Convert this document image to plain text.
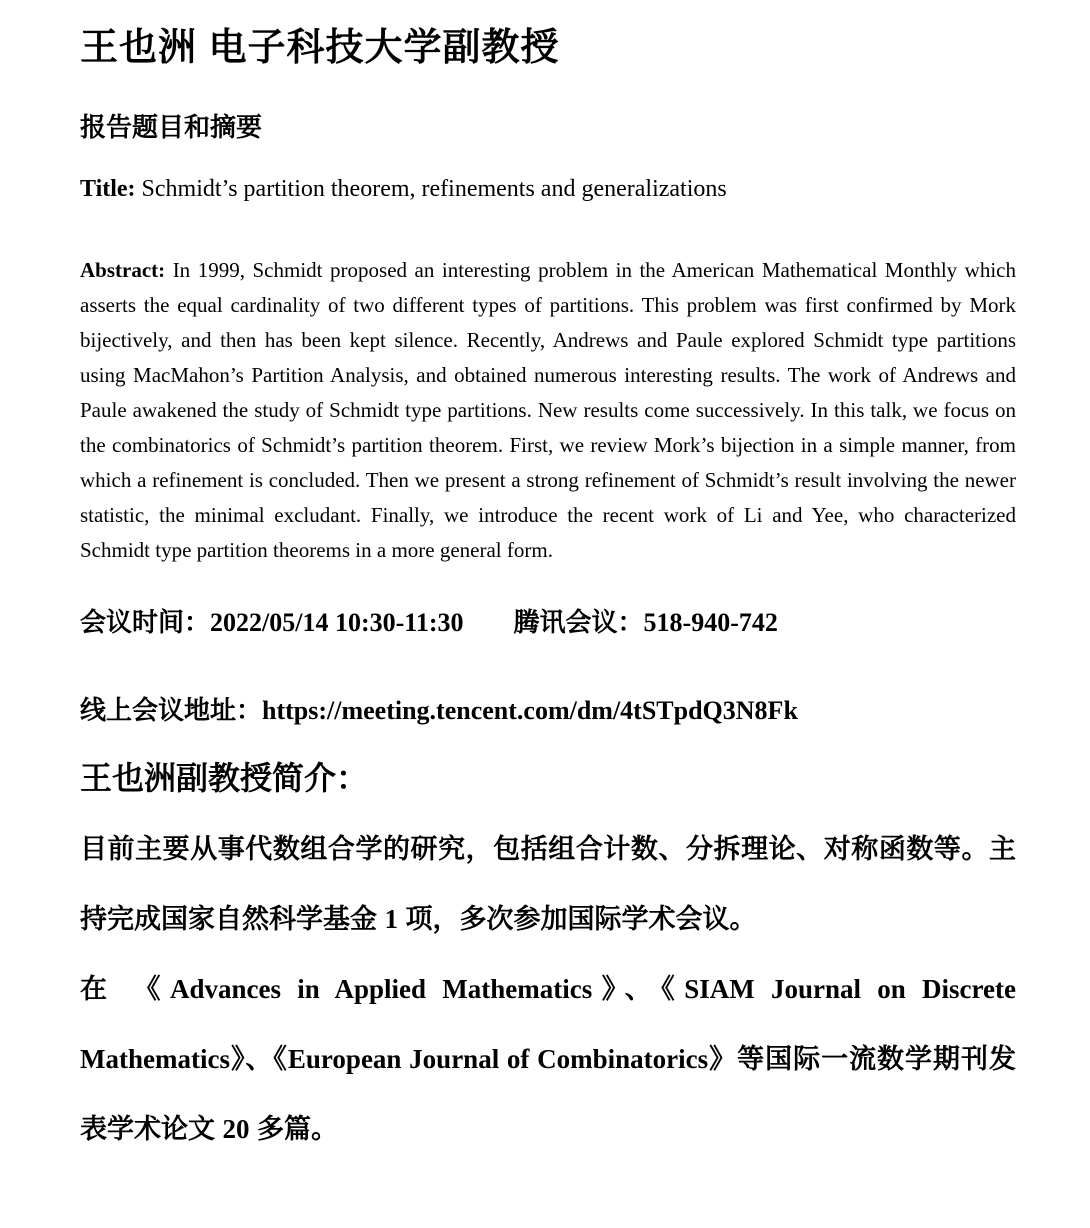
王也洲 电子科技大学副教授
报告题目和摘要

Title: Schmidt’s partition theorem, refinements and generalizations

Abstract: In 1999, Schmidt proposed an interesting problem in the American Mathematical Monthly which asserts the equal cardinality of two different types of partitions. This problem was first confirmed by Mork bijectively, and then has been kept silence. Recently, Andrews and Paule explored Schmidt type partitions using MacMahon’s Partition Analysis, and obtained numerous interesting results. The work of Andrews and Paule awakened the study of Schmidt type partitions. New results come successively. In this talk, we focus on the combinatorics of Schmidt’s partition theorem. First, we review Mork’s bijection in a simple manner, from which a refinement is concluded. Then we present a strong refinement of Schmidt’s result involving the newer statistic, the minimal excludant. Finally, we introduce the recent work of Li and Yee, who characterized Schmidt type partition theorems in a more general form.

会议时间：2022/05/14 10:30-11:30 腾讯会议：518-940-742

线上会议地址：https://meeting.tencent.com/dm/4tSTpdQ3N8Fk

王也洲副教授简介：

目前主要从事代数组合学的研究，包括组合计数、分拆理论、对称函数等。主持完成国家自然科学基金 1 项，多次参加国际学术会议。

在 《Advances in Applied Mathematics》、《SIAM Journal on Discrete Mathematics》、《European Journal of Combinatorics》等国际一流数学期刊发表学术论文 20 多篇。
